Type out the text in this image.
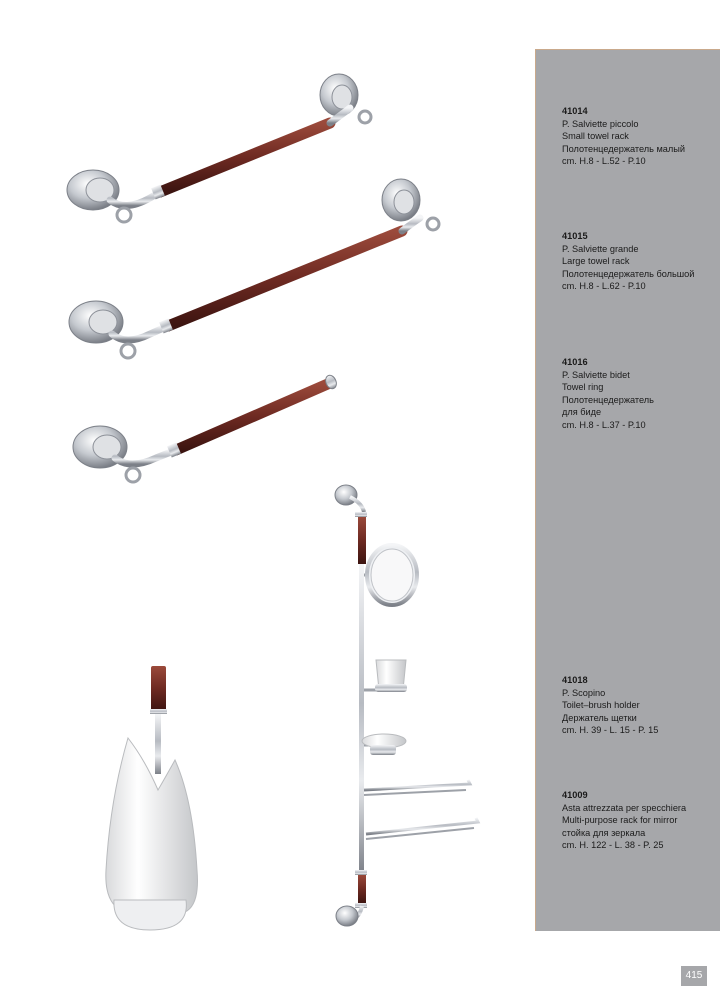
41014
P. Salviette piccolo
Small towel rack
Полотенцедержатель малый
cm. H.8 - L.52 - P.10
41015
P. Salviette grande
Large towel rack
Полотенцедержатель большой
cm. H.8 - L.62 - P.10
41016
P. Salviette bidet
Towel ring
Полотенцедержатель
для биде
cm. H.8 - L.37 - P.10
41018
P. Scopino
Toilet–brush holder
Держатель щетки
cm. H. 39 - L. 15 - P. 15
41009
Asta attrezzata per specchiera
Multi-purpose rack for mirror
стойка для зеркала
cm. H. 122 - L. 38 - P. 25
415
